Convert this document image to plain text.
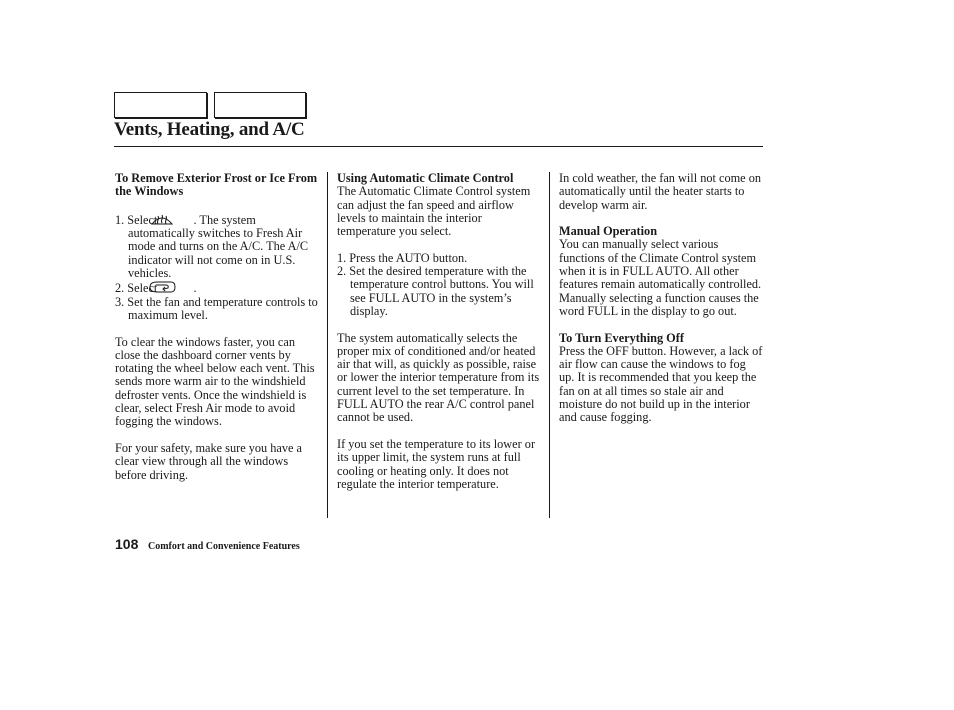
Vents, Heating, and A/C
To Remove Exterior Frost or Ice From the Windows
1. Select	. The system automatically switches to Fresh Air mode and turns on the A/C. The A/C indicator will not come on in U.S. vehicles.
2. Select	.
3. Set the fan and temperature controls to maximum level.
To clear the windows faster, you can close the dashboard corner vents by rotating the wheel below each vent. This sends more warm air to the windshield defroster vents. Once the windshield is clear, select Fresh Air mode to avoid fogging the windows.
For your safety, make sure you have a clear view through all the windows before driving.
Using Automatic Climate Control
The Automatic Climate Control system can adjust the fan speed and airflow levels to maintain the interior temperature you select.
1. Press the AUTO button.
2. Set the desired temperature with the temperature control buttons. You will see FULL AUTO in the system’s display.
The system automatically selects the proper mix of conditioned and/or heated air that will, as quickly as possible, raise or lower the interior temperature from its current level to the set temperature. In FULL AUTO the rear A/C control panel cannot be used.
If you set the temperature to its lower or its upper limit, the system runs at full cooling or heating only. It does not regulate the interior temperature.
In cold weather, the fan will not come on automatically until the heater starts to develop warm air.
Manual Operation
You can manually select various functions of the Climate Control system when it is in FULL AUTO. All other features remain automatically controlled.
Manually selecting a function causes the word FULL in the display to go out.
To Turn Everything Off
Press the OFF button. However, a lack of air flow can cause the windows to fog up. It is recommended that you keep the fan on at all times so stale air and moisture do not build up in the interior and cause fogging.
108 Comfort and Convenience Features
